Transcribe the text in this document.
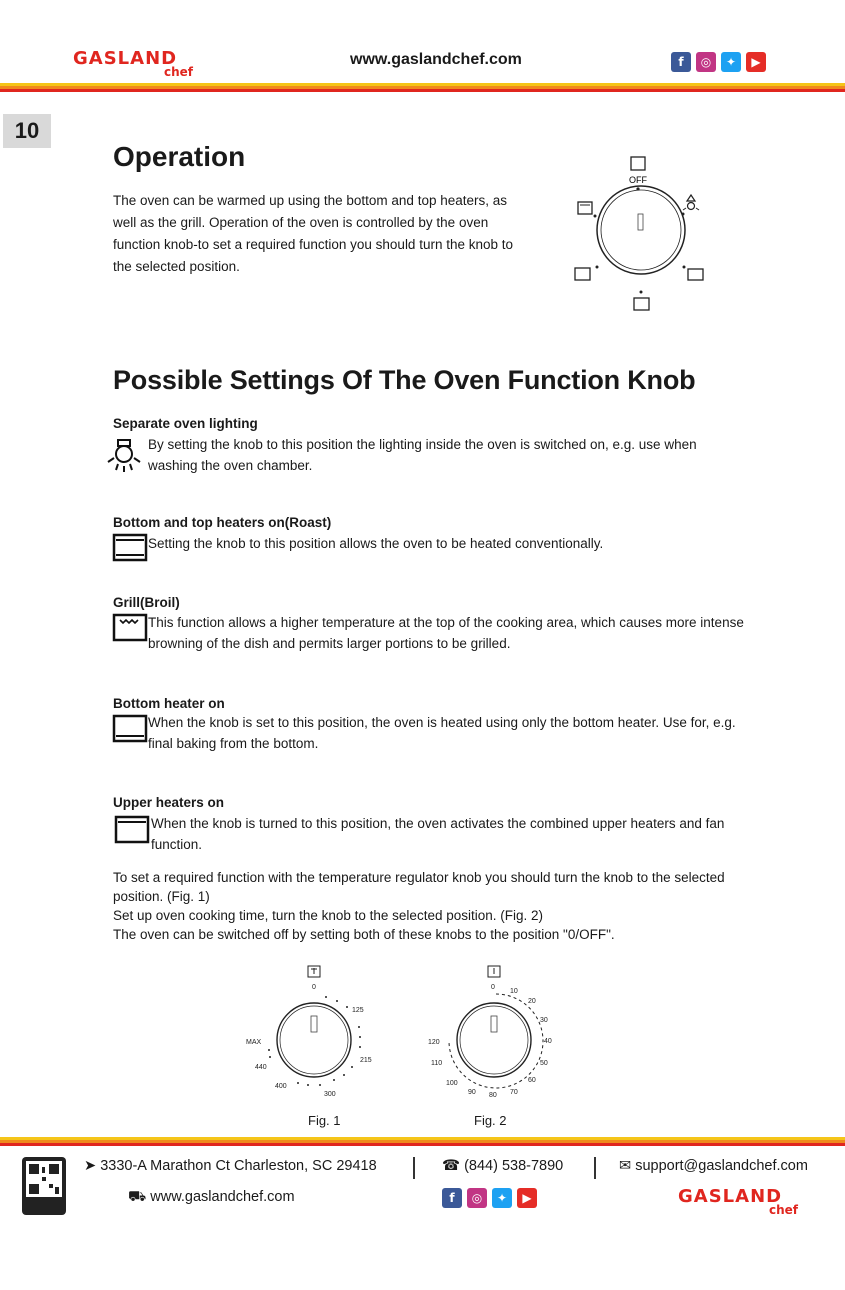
GASLAND
chef
www.gaslandchef.com	f	◎	✦	▶
10
Operation
The oven can be warmed up using the bottom and top heaters, as well as the grill. Operation of the oven is controlled by the oven function knob-to set a required function you should turn the knob to the selected position.
OFF
Possible Settings Of The Oven Function Knob
Separate oven lighting
By setting the knob to this position the lighting inside the oven is switched on, e.g. use when washing the oven chamber.
Bottom and top heaters on(Roast)
Setting the knob to this position allows the oven to be heated conventionally.
Grill(Broil)
This function allows a higher temperature at the top of the cooking area, which causes more intense browning of the dish and permits larger portions to be grilled.
Bottom heater on
When the knob is set to this position, the oven is heated using only the bottom heater. Use for, e.g. final baking from the bottom.
Upper heaters on
When the knob is turned to this position, the oven activates the combined upper heaters and fan function.
To set a required function with the temperature regulator knob you should turn the knob to the selected position. (Fig. 1)
Set up oven cooking time, turn the knob to the selected position. (Fig. 2)
The oven can be switched off by setting both of these knobs to the position "0/OFF".
0
125
215
300
400
440
MAX
Fig. 1
0
10
20
30
40
50
60
70
80
90
100
110
120
Fig. 2
➤ 3330-A Marathon Ct Charleston, SC 29418	☎ (844) 538-7890	✉ support@gaslandchef.com
⛟ www.gaslandchef.com	f	◎	✦	▶	GASLAND
chef
